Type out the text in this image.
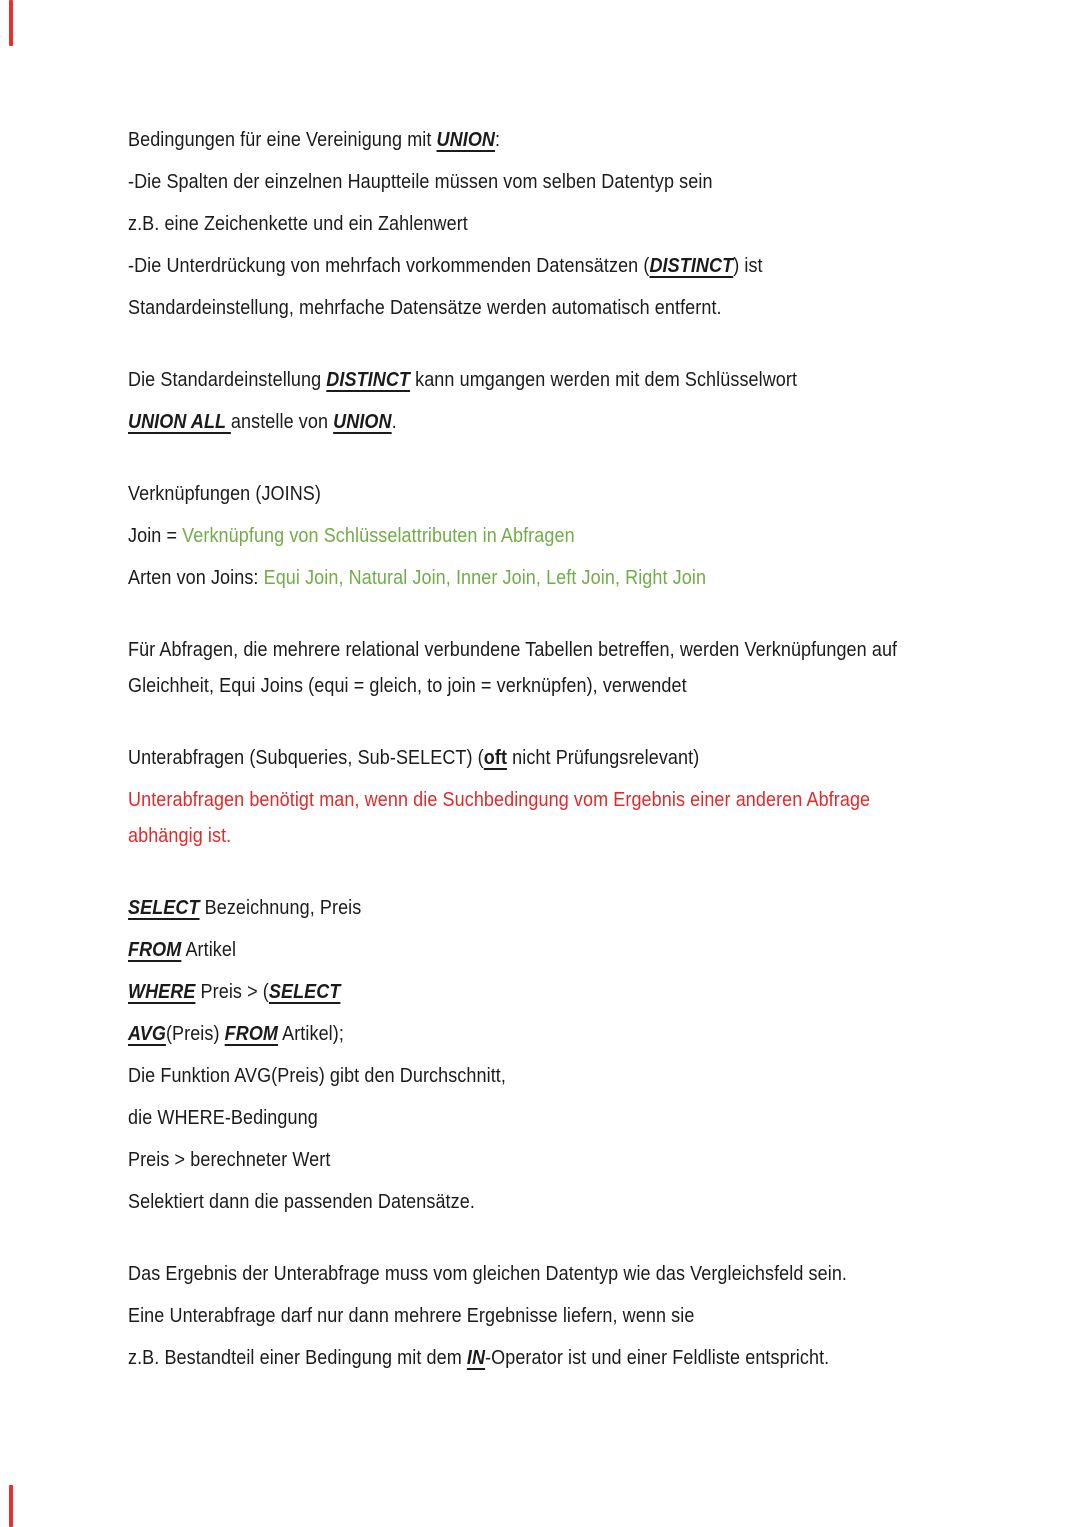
Bedingungen für eine Vereinigung mit UNION:

-Die Spalten der einzelnen Hauptteile müssen vom selben Datentyp sein

z.B. eine Zeichenkette und ein Zahlenwert

-Die Unterdrückung von mehrfach vorkommenden Datensätzen (DISTINCT) ist

Standardeinstellung, mehrfache Datensätze werden automatisch entfernt.

Die Standardeinstellung DISTINCT kann umgangen werden mit dem Schlüsselwort

UNION ALL anstelle von UNION.

Verknüpfungen (JOINS)

Join = Verknüpfung von Schlüsselattributen in Abfragen

Arten von Joins: Equi Join, Natural Join, Inner Join, Left Join, Right Join

Für Abfragen, die mehrere relational verbundene Tabellen betreffen, werden Verknüpfungen auf
Gleichheit, Equi Joins (equi = gleich, to join = verknüpfen), verwendet

Unterabfragen (Subqueries, Sub-SELECT) (oft nicht Prüfungsrelevant)

Unterabfragen benötigt man, wenn die Suchbedingung vom Ergebnis einer anderen Abfrage
abhängig ist.

SELECT Bezeichnung, Preis

FROM Artikel

WHERE Preis > (SELECT

AVG(Preis) FROM Artikel);

Die Funktion AVG(Preis) gibt den Durchschnitt,

die WHERE-Bedingung

Preis > berechneter Wert

Selektiert dann die passenden Datensätze.

Das Ergebnis der Unterabfrage muss vom gleichen Datentyp wie das Vergleichsfeld sein.

Eine Unterabfrage darf nur dann mehrere Ergebnisse liefern, wenn sie

z.B. Bestandteil einer Bedingung mit dem IN-Operator ist und einer Feldliste entspricht.
